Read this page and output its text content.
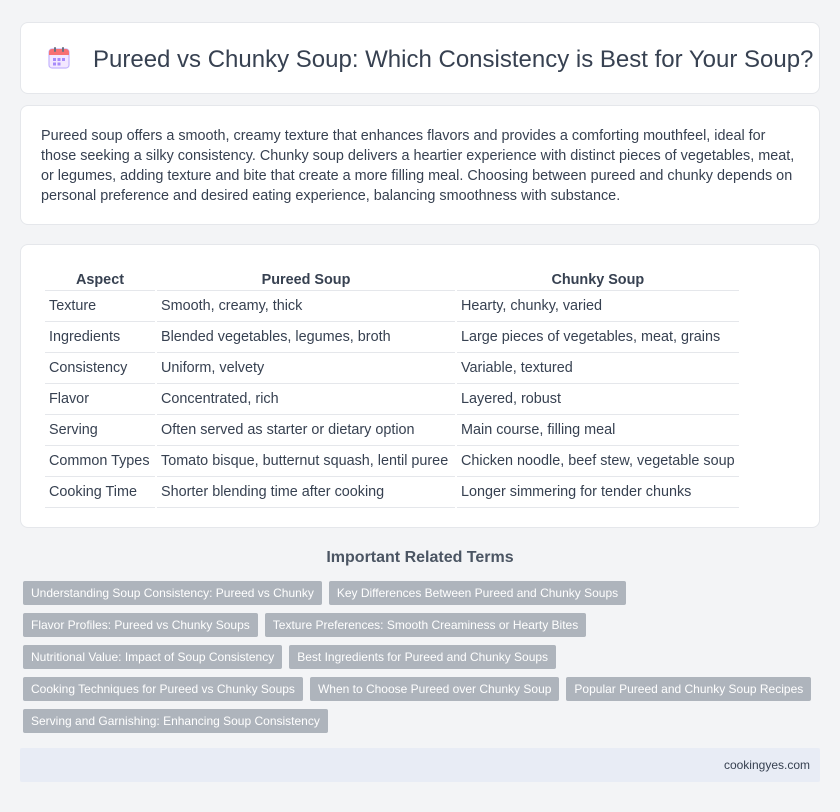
Pureed vs Chunky Soup: Which Consistency is Best for Your Soup?

Pureed soup offers a smooth, creamy texture that enhances flavors and provides a comforting mouthfeel, ideal for those seeking a silky consistency. Chunky soup delivers a heartier experience with distinct pieces of vegetables, meat, or legumes, adding texture and bite that create a more filling meal. Choosing between pureed and chunky depends on personal preference and desired eating experience, balancing smoothness with substance.

Aspect	Pureed Soup	Chunky Soup
Texture	Smooth, creamy, thick	Hearty, chunky, varied
Ingredients	Blended vegetables, legumes, broth	Large pieces of vegetables, meat, grains
Consistency	Uniform, velvety	Variable, textured
Flavor	Concentrated, rich	Layered, robust
Serving	Often served as starter or dietary option	Main course, filling meal
Common Types	Tomato bisque, butternut squash, lentil puree	Chicken noodle, beef stew, vegetable soup
Cooking Time	Shorter blending time after cooking	Longer simmering for tender chunks
Important Related Terms
Understanding Soup Consistency: Pureed vs Chunky	Key Differences Between Pureed and Chunky Soups
Flavor Profiles: Pureed vs Chunky Soups	Texture Preferences: Smooth Creaminess or Hearty Bites
Nutritional Value: Impact of Soup Consistency	Best Ingredients for Pureed and Chunky Soups
Cooking Techniques for Pureed vs Chunky Soups	When to Choose Pureed over Chunky Soup	Popular Pureed and Chunky Soup Recipes
Serving and Garnishing: Enhancing Soup Consistency
cookingyes.com
